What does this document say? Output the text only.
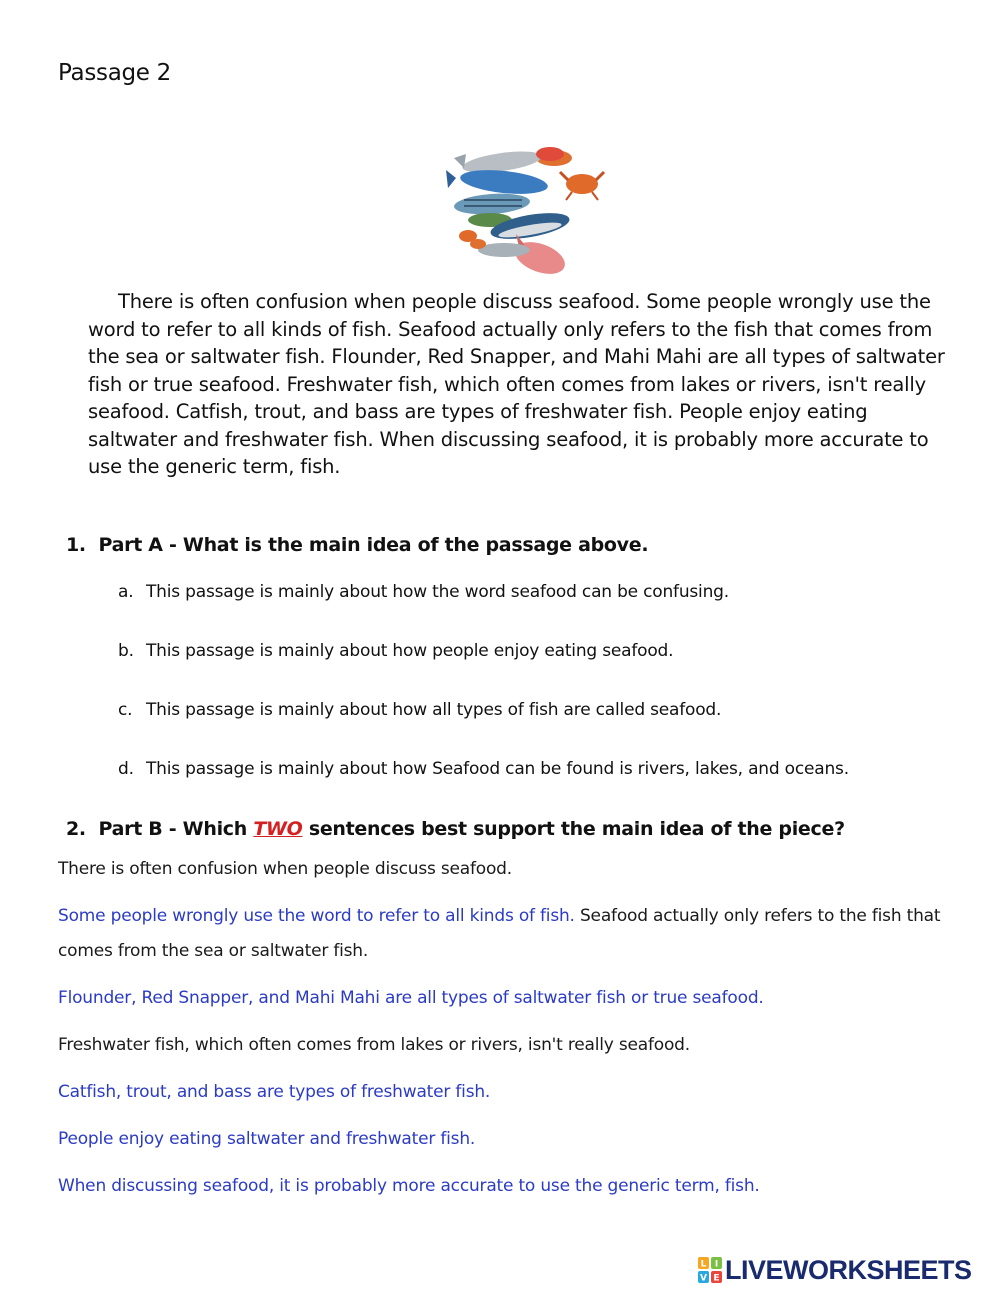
Passage 2

There is often confusion when people discuss seafood. Some people wrongly use the word to refer to all kinds of fish. Seafood actually only refers to the fish that comes from the sea or saltwater fish. Flounder, Red Snapper, and Mahi Mahi are all types of saltwater fish or true seafood. Freshwater fish, which often comes from lakes or rivers, isn't really seafood. Catfish, trout, and bass are types of freshwater fish. People enjoy eating saltwater and freshwater fish. When discussing seafood, it is probably more accurate to use the generic term, fish.

1. Part A - What is the main idea of the passage above.
a. This passage is mainly about how the word seafood can be confusing.
b. This passage is mainly about how people enjoy eating seafood.
c. This passage is mainly about how all types of fish are called seafood.
d. This passage is mainly about how Seafood can be found is rivers, lakes, and oceans.
2. Part B - Which TWO sentences best support the main idea of the piece?

There is often confusion when people discuss seafood.

Some people wrongly use the word to refer to all kinds of fish. Seafood actually only refers to the fish that comes from the sea or saltwater fish.

Flounder, Red Snapper, and Mahi Mahi are all types of saltwater fish or true seafood.

Freshwater fish, which often comes from lakes or rivers, isn't really seafood.

Catfish, trout, and bass are types of freshwater fish.

People enjoy eating saltwater and freshwater fish.

When discussing seafood, it is probably more accurate to use the generic term, fish.

L I
V E LIVEWORKSHEETS
